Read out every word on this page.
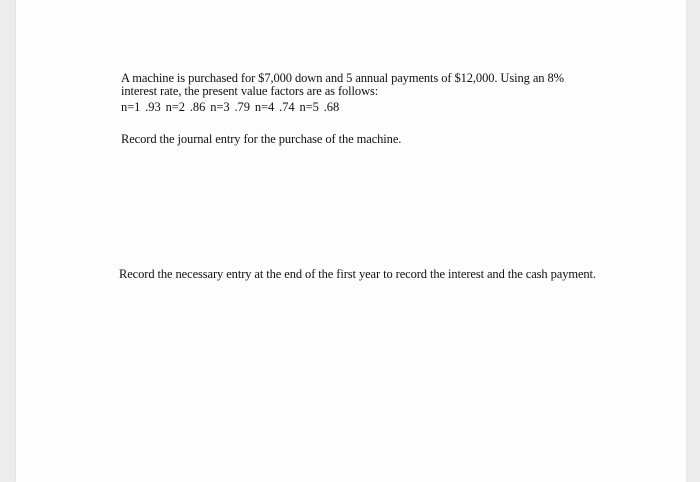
A machine is purchased for $7,000 down and 5 annual payments of $12,000. Using an 8%

interest rate, the present value factors are as follows:

n=1 .93 n=2 .86 n=3 .79 n=4 .74 n=5 .68

Record the journal entry for the purchase of the machine.

Record the necessary entry at the end of the first year to record the interest and the cash payment.
